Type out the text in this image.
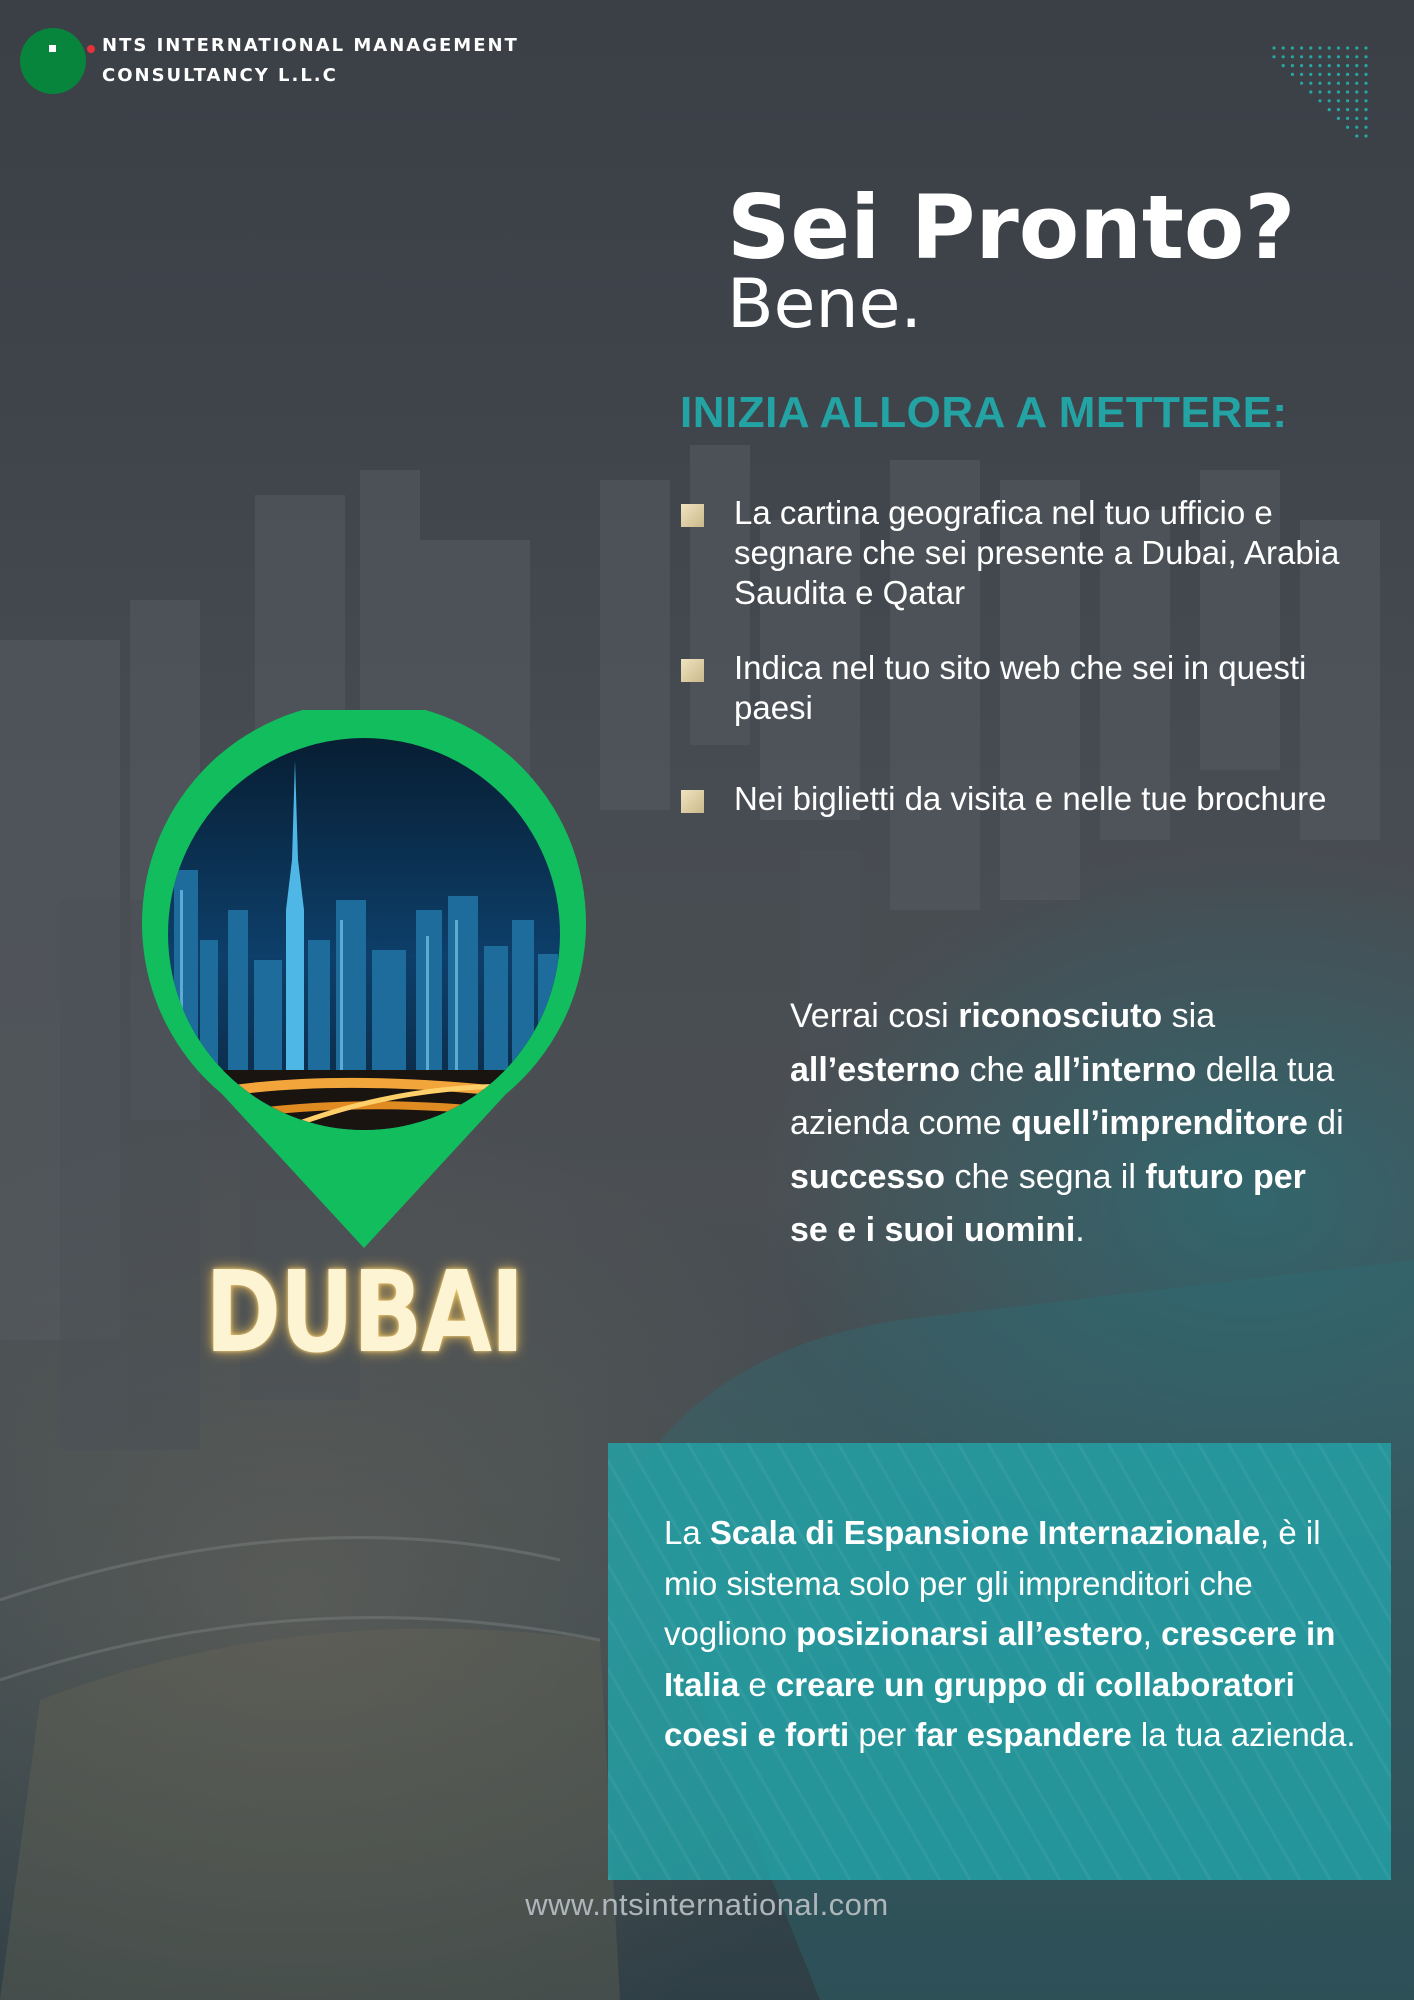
NTS INTERNATIONAL MANAGEMENT
CONSULTANCY L.L.C
Sei Pronto?
Bene.
INIZIA ALLORA A METTERE:
La cartina geografica nel tuo ufficio e segnare che sei presente a Dubai, Arabia Saudita e Qatar
Indica nel tuo sito web che sei in questi paesi
Nei biglietti da visita e nelle tue brochure
DUBAI
Verrai cosi riconosciuto sia all’esterno che all’interno della tua azienda come quell’imprenditore di successo che segna il futuro per se e i suoi uomini.
La Scala di Espansione Internazionale, è il mio sistema solo per gli imprenditori che vogliono posizionarsi all’estero, crescere in Italia e creare un gruppo di collaboratori coesi e forti per far espandere la tua azienda.
www.ntsinternational.com
